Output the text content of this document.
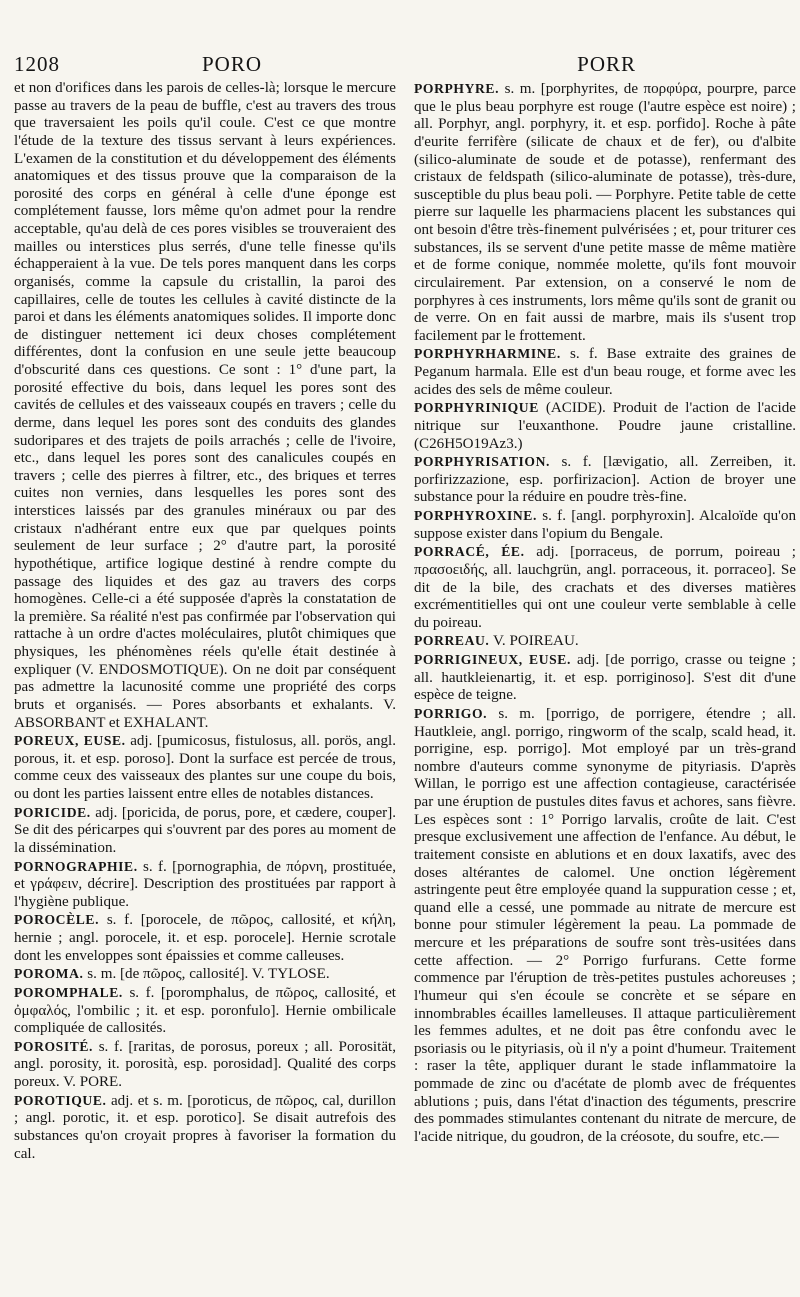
1208	PORO	PORR

et non d'orifices dans les parois de celles-là; lorsque le mercure passe au travers de la peau de buffle, c'est au travers des trous que traversaient les poils qu'il coule. C'est ce que montre l'étude de la texture des tissus servant à leurs expériences. L'examen de la constitution et du développement des éléments anatomiques et des tissus prouve que la comparaison de la porosité des corps en général à celle d'une éponge est complétement fausse, lors même qu'on admet pour la rendre acceptable, qu'au delà de ces pores visibles se trouveraient des mailles ou interstices plus serrés, d'une telle finesse qu'ils échapperaient à la vue. De tels pores manquent dans les corps organisés, comme la capsule du cristallin, la paroi des capillaires, celle de toutes les cellules à cavité distincte de la paroi et dans les éléments anatomiques solides. Il importe donc de distinguer nettement ici deux choses complétement différentes, dont la confusion en une seule jette beaucoup d'obscurité dans ces questions. Ce sont : 1° d'une part, la porosité effective du bois, dans lequel les pores sont des cavités de cellules et des vaisseaux coupés en travers ; celle du derme, dans lequel les pores sont des conduits des glandes sudoripares et des trajets de poils arrachés ; celle de l'ivoire, etc., dans lequel les pores sont des canalicules coupés en travers ; celle des pierres à filtrer, etc., des briques et terres cuites non vernies, dans lesquelles les pores sont des interstices laissés par des granules minéraux ou par des cristaux n'adhérant entre eux que par quelques points seulement de leur surface ; 2° d'autre part, la porosité hypothétique, artifice logique destiné à rendre compte du passage des liquides et des gaz au travers des corps homogènes. Celle-ci a été supposée d'après la constatation de la première. Sa réalité n'est pas confirmée par l'observation qui rattache à un ordre d'actes moléculaires, plutôt chimiques que physiques, les phénomènes réels qu'elle était destinée à expliquer (V. ENDOSMOTIQUE). On ne doit par conséquent pas admettre la lacunosité comme une propriété des corps bruts et organisés. — Pores absorbants et exhalants. V. ABSORBANT et EXHALANT.

POREUX, EUSE. adj. [pumicosus, fistulosus, all. porös, angl. porous, it. et esp. poroso]. Dont la surface est percée de trous, comme ceux des vaisseaux des plantes sur une coupe du bois, ou dont les parties laissent entre elles de notables distances.

PORICIDE. adj. [poricida, de porus, pore, et cædere, couper]. Se dit des péricarpes qui s'ouvrent par des pores au moment de la dissémination.

PORNOGRAPHIE. s. f. [pornographia, de πόρνη, prostituée, et γράφειν, décrire]. Description des prostituées par rapport à l'hygiène publique.

POROCÈLE. s. f. [porocele, de πῶρος, callosité, et κήλη, hernie ; angl. porocele, it. et esp. porocele]. Hernie scrotale dont les enveloppes sont épaissies et comme calleuses.

POROMA. s. m. [de πῶρος, callosité]. V. TYLOSE.

POROMPHALE. s. f. [poromphalus, de πῶρος, callosité, et ὀμφαλός, l'ombilic ; it. et esp. poronfulo]. Hernie ombilicale compliquée de callosités.

POROSITÉ. s. f. [raritas, de porosus, poreux ; all. Porosität, angl. porosity, it. porosità, esp. porosidad]. Qualité des corps poreux. V. PORE.

POROTIQUE. adj. et s. m. [poroticus, de πῶρος, cal, durillon ; angl. porotic, it. et esp. porotico]. Se disait autrefois des substances qu'on croyait propres à favoriser la formation du cal.

PORPHYRE. s. m. [porphyrites, de πορφύρα, pourpre, parce que le plus beau porphyre est rouge (l'autre espèce est noire) ; all. Porphyr, angl. porphyry, it. et esp. porfido]. Roche à pâte d'eurite ferrifère (silicate de chaux et de fer), ou d'albite (silico-aluminate de soude et de potasse), renfermant des cristaux de feldspath (silico-aluminate de potasse), très-dure, susceptible du plus beau poli. — Porphyre. Petite table de cette pierre sur laquelle les pharmaciens placent les substances qui ont besoin d'être très-finement pulvérisées ; et, pour triturer ces substances, ils se servent d'une petite masse de même matière et de forme conique, nommée molette, qu'ils font mouvoir circulairement. Par extension, on a conservé le nom de porphyres à ces instruments, lors même qu'ils sont de granit ou de verre. On en fait aussi de marbre, mais ils s'usent trop facilement par le frottement.

PORPHYRHARMINE. s. f. Base extraite des graines de Peganum harmala. Elle est d'un beau rouge, et forme avec les acides des sels de même couleur.

PORPHYRINIQUE (ACIDE). Produit de l'action de l'acide nitrique sur l'euxanthone. Poudre jaune cristalline. (C26H5O19Az3.)

PORPHYRISATION. s. f. [lævigatio, all. Zerreiben, it. porfirizzazione, esp. porfirizacion]. Action de broyer une substance pour la réduire en poudre très-fine.

PORPHYROXINE. s. f. [angl. porphyroxin]. Alcaloïde qu'on suppose exister dans l'opium du Bengale.

PORRACÉ, ÉE. adj. [porraceus, de porrum, poireau ; πρασοειδής, all. lauchgrün, angl. porraceous, it. porraceo]. Se dit de la bile, des crachats et des diverses matières excrémentitielles qui ont une couleur verte semblable à celle du poireau.

PORREAU. V. POIREAU.

PORRIGINEUX, EUSE. adj. [de porrigo, crasse ou teigne ; all. hautkleienartig, it. et esp. porriginoso]. S'est dit d'une espèce de teigne.

PORRIGO. s. m. [porrigo, de porrigere, étendre ; all. Hautkleie, angl. porrigo, ringworm of the scalp, scald head, it. porrigine, esp. porrigo]. Mot employé par un très-grand nombre d'auteurs comme synonyme de pityriasis. D'après Willan, le porrigo est une affection contagieuse, caractérisée par une éruption de pustules dites favus et achores, sans fièvre. Les espèces sont : 1° Porrigo larvalis, croûte de lait. C'est presque exclusivement une affection de l'enfance. Au début, le traitement consiste en ablutions et en doux laxatifs, avec des doses altérantes de calomel. Une onction légèrement astringente peut être employée quand la suppuration cesse ; et, quand elle a cessé, une pommade au nitrate de mercure est bonne pour stimuler légèrement la peau. La pommade de mercure et les préparations de soufre sont très-usitées dans cette affection. — 2° Porrigo furfurans. Cette forme commence par l'éruption de très-petites pustules achoreuses ; l'humeur qui s'en écoule se concrète et se sépare en innombrables écailles lamelleuses. Il attaque particulièrement les femmes adultes, et ne doit pas être confondu avec le psoriasis ou le pityriasis, où il n'y a point d'humeur. Traitement : raser la tête, appliquer durant le stade inflammatoire la pommade de zinc ou d'acétate de plomb avec de fréquentes ablutions ; puis, dans l'état d'inaction des téguments, prescrire des pommades stimulantes contenant du nitrate de mercure, de l'acide nitrique, du goudron, de la créosote, du soufre, etc.—
